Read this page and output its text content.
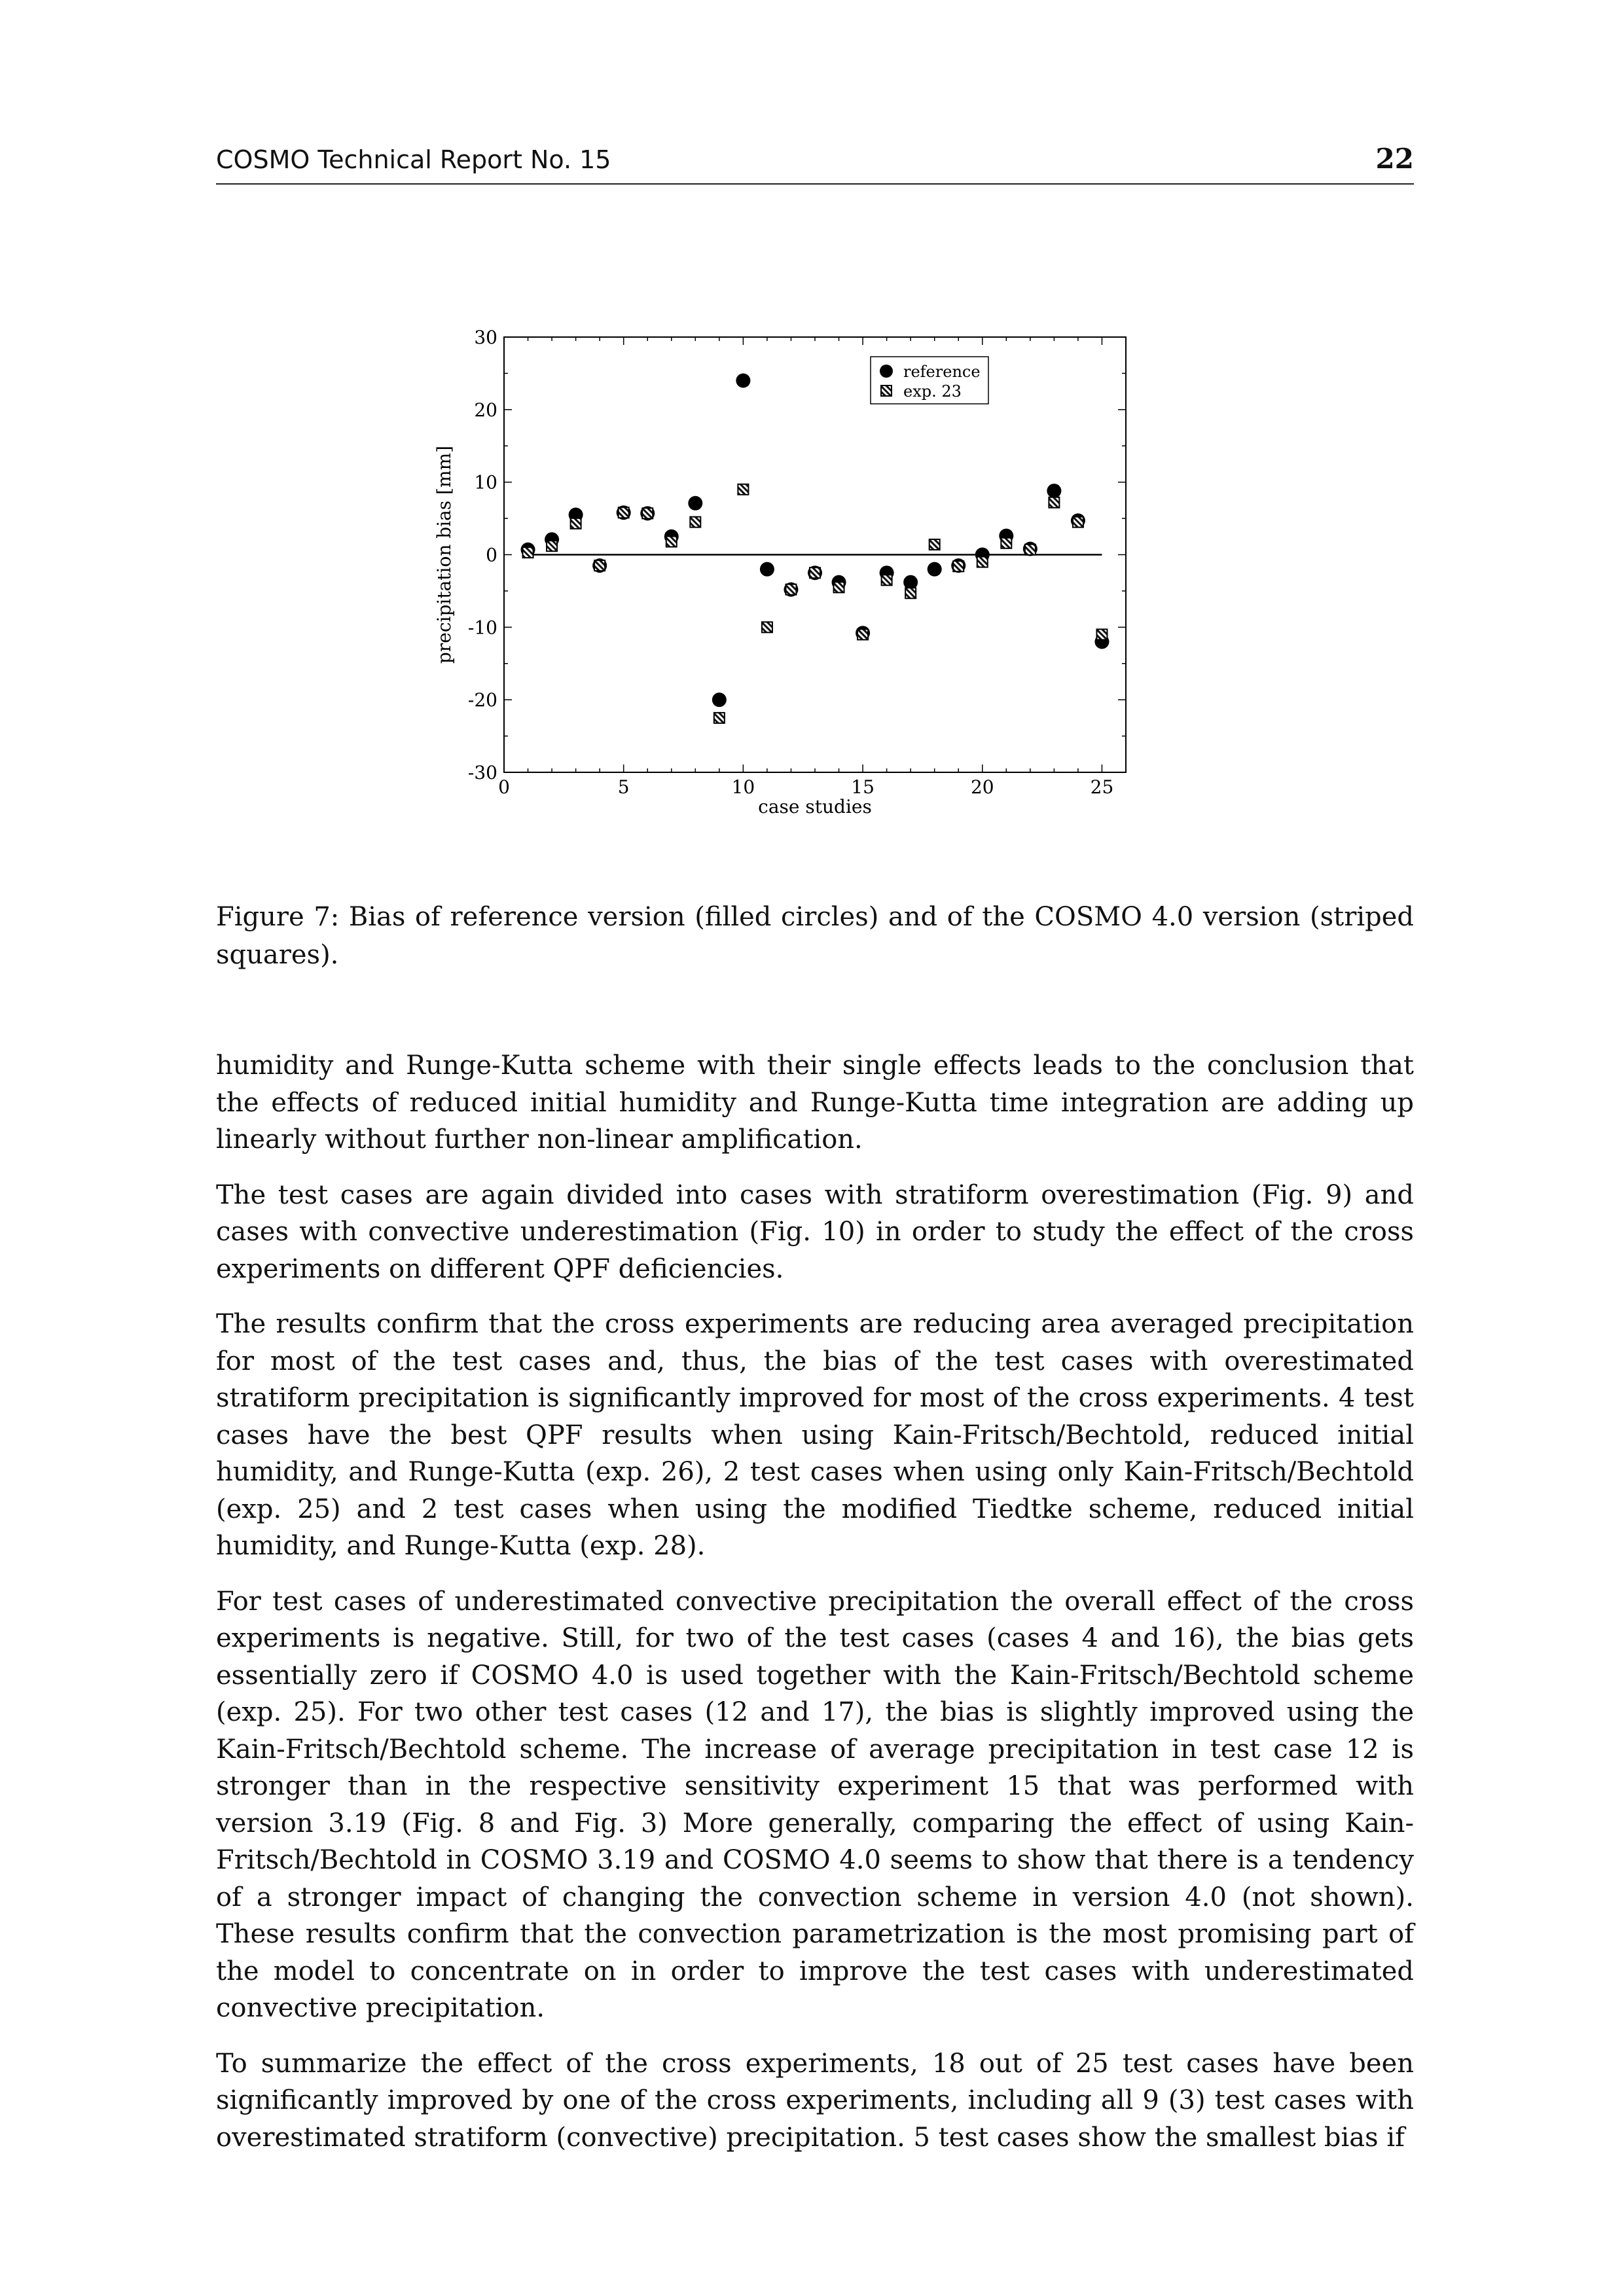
COSMO Technical Report No. 15	22
0	5	10	15	20	25
30
20
10
0
-10
-20
-30
case studies
precipitation bias [mm]
reference
exp. 23
Figure 7: Bias of reference version (filled circles) and of the COSMO 4.0 version (striped squares).

humidity and Runge-Kutta scheme with their single effects leads to the conclusion that the effects of reduced initial humidity and Runge-Kutta time integration are adding up linearly without further non-linear amplification.

The test cases are again divided into cases with stratiform overestimation (Fig. 9) and cases with convective underestimation (Fig. 10) in order to study the effect of the cross experiments on different QPF deficiencies.

The results confirm that the cross experiments are reducing area averaged precipitation for most of the test cases and, thus, the bias of the test cases with overestimated stratiform precipitation is significantly improved for most of the cross experiments. 4 test cases have the best QPF results when using Kain-Fritsch/Bechtold, reduced initial humidity, and Runge-Kutta (exp. 26), 2 test cases when using only Kain-Fritsch/Bechtold (exp. 25) and 2 test cases when using the modified Tiedtke scheme, reduced initial humidity, and Runge-Kutta (exp. 28).

For test cases of underestimated convective precipitation the overall effect of the cross experiments is negative. Still, for two of the test cases (cases 4 and 16), the bias gets essentially zero if COSMO 4.0 is used together with the Kain-Fritsch/Bechtold scheme (exp. 25). For two other test cases (12 and 17), the bias is slightly improved using the Kain-Fritsch/Bechtold scheme. The increase of average precipitation in test case 12 is stronger than in the respective sensitivity experiment 15 that was performed with version 3.19 (Fig. 8 and Fig. 3) More generally, comparing the effect of using Kain-Fritsch/Bechtold in COSMO 3.19 and COSMO 4.0 seems to show that there is a tendency of a stronger impact of changing the convection scheme in version 4.0 (not shown). These results confirm that the convection parametrization is the most promising part of the model to concentrate on in order to improve the test cases with underestimated convective precipitation.

To summarize the effect of the cross experiments, 18 out of 25 test cases have been significantly improved by one of the cross experiments, including all 9 (3) test cases with overestimated stratiform (convective) precipitation. 5 test cases show the smallest bias if
